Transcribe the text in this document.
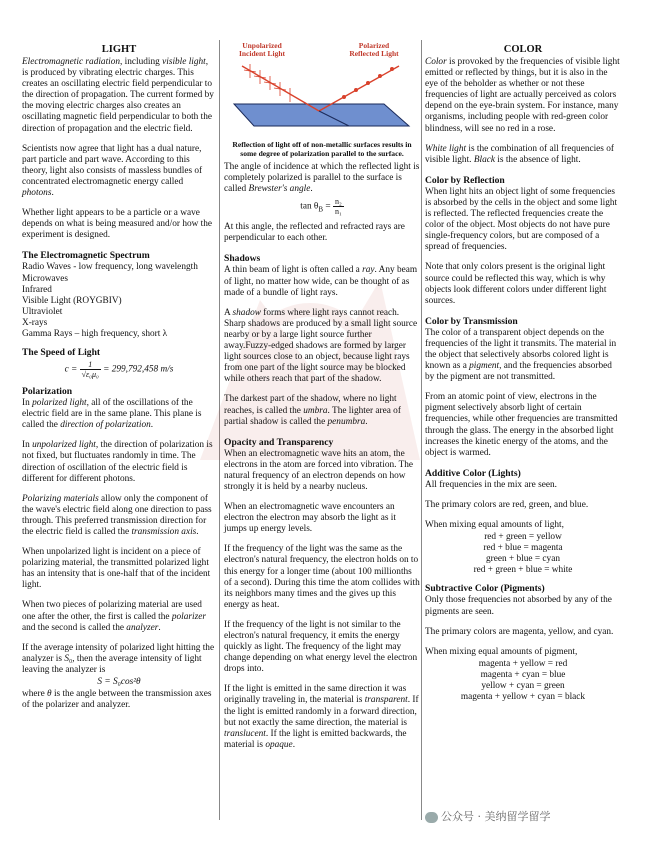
LIGHT

Electromagnetic radiation, including visible light, is produced by vibrating electric charges. This creates an oscillating electric field perpendicular to the direction of propagation. The current formed by the moving electric charges also creates an oscillating magnetic field perpendicular to both the direction of propagation and the electric field.

Scientists now agree that light has a dual nature, part particle and part wave. According to this theory, light also consists of massless bundles of concentrated electromagnetic energy called photons.

Whether light appears to be a particle or a wave depends on what is being measured and/or how the experiment is designed.

The Electromagnetic Spectrum
Radio Waves - low frequency, long wavelength
Microwaves
Infrared
Visible Light (ROYGBIV)
Ultraviolet
X-rays
Gamma Rays – high frequency, short λ
The Speed of Light
$c = \frac{1}{\text{√ε₀μ₀}} = 299,792,458$ m/s
Polarization

In polarized light, all of the oscillations of the electric field are in the same plane. This plane is called the direction of polarization.

In unpolarized light, the direction of polarization is not fixed, but fluctuates randomly in time. The direction of oscillation of the electric field is different for different photons.

Polarizing materials allow only the component of the wave's electric field along one direction to pass through. This preferred transmission direction for the electric field is called the transmission axis.

When unpolarized light is incident on a piece of polarizing material, the transmitted polarized light has an intensity that is one-half that of the incident light.

When two pieces of polarizing material are used one after the other, the first is called the polarizer and the second is called the analyzer.

If the average intensity of polarized light hitting the analyzer is S₀, then the average intensity of light leaving the analyzer is

S = S₀cos²θ

where θ is the angle between the transmission axes of the polarizer and analyzer.

Unpolarized Incident Light
Polarized Reflected Light
Reflection of light off of non-metallic surfaces results in some degree of polarization parallel to the surface.

The angle of incidence at which the reflected light is completely polarized is parallel to the surface is called Brewster's angle.

$\tan \theta_B = \frac{\text{n₂}}{\text{n₁}}$

At this angle, the reflected and refracted rays are perpendicular to each other.

Shadows

A thin beam of light is often called a ray. Any beam of light, no matter how wide, can be thought of as made of a bundle of light rays.

A shadow forms where light rays cannot reach. Sharp shadows are produced by a small light source nearby or by a large light source further away.Fuzzy-edged shadows are formed by larger light sources close to an object, because light rays from one part of the light source may be blocked while others reach that part of the shadow.

The darkest part of the shadow, where no light reaches, is called the umbra. The lighter area of partial shadow is called the penumbra.

Opacity and Transparency

When an electromagnetic wave hits an atom, the electrons in the atom are forced into vibration. The natural frequency of an electron depends on how strongly it is held by a nearby nucleus.

When an electromagnetic wave encounters an electron the electron may absorb the light as it jumps up energy levels.

If the frequency of the light was the same as the electron's natural frequency, the electron holds on to this energy for a longer time (about 100 millionths of a second). During this time the atom collides with its neighbors many times and the gives up this energy as heat.

If the frequency of the light is not similar to the electron's natural frequency, it emits the energy quickly as light. The frequency of the light may change depending on what energy level the electron drops into.

If the light is emitted in the same direction it was originally traveling in, the material is transparent. If the light is emitted randomly in a forward direction, but not exactly the same direction, the material is translucent. If the light is emitted backwards, the material is opaque.

COLOR

Color is provoked by the frequencies of visible light emitted or reflected by things, but it is also in the eye of the beholder as whether or not these frequencies of light are actually perceived as colors depend on the eye-brain system. For instance, many organisms, including people with red-green color blindness, will see no red in a rose.

White light is the combination of all frequencies of visible light. Black is the absence of light.

Color by Reflection

When light hits an object light of some frequencies is absorbed by the cells in the object and some light is reflected. The reflected frequencies create the color of the object. Most objects do not have pure single-frequency colors, but are composed of a spread of frequencies.

Note that only colors present is the original light source could be reflected this way, which is why objects look different colors under different light sources.

Color by Transmission

The color of a transparent object depends on the frequencies of the light it transmits. The material in the object that selectively absorbs colored light is known as a pigment, and the frequencies absorbed by the pigment are not transmitted.

From an atomic point of view, electrons in the pigment selectively absorb light of certain frequencies, while other frequencies are transmitted through the glass. The energy in the absorbed light increases the kinetic energy of the atoms, and the object is warmed.

Additive Color (Lights)

All frequencies in the mix are seen.

The primary colors are red, green, and blue.

When mixing equal amounts of light,

red + green = yellow
red + blue = magenta
green + blue = cyan
red + green + blue = white
Subtractive Color (Pigments)

Only those frequencies not absorbed by any of the pigments are seen.

The primary colors are magenta, yellow, and cyan.

When mixing equal amounts of pigment,

magenta + yellow = red
magenta + cyan = blue
yellow + cyan = green
magenta + yellow + cyan = black
公众号 · 美纳留学留学
